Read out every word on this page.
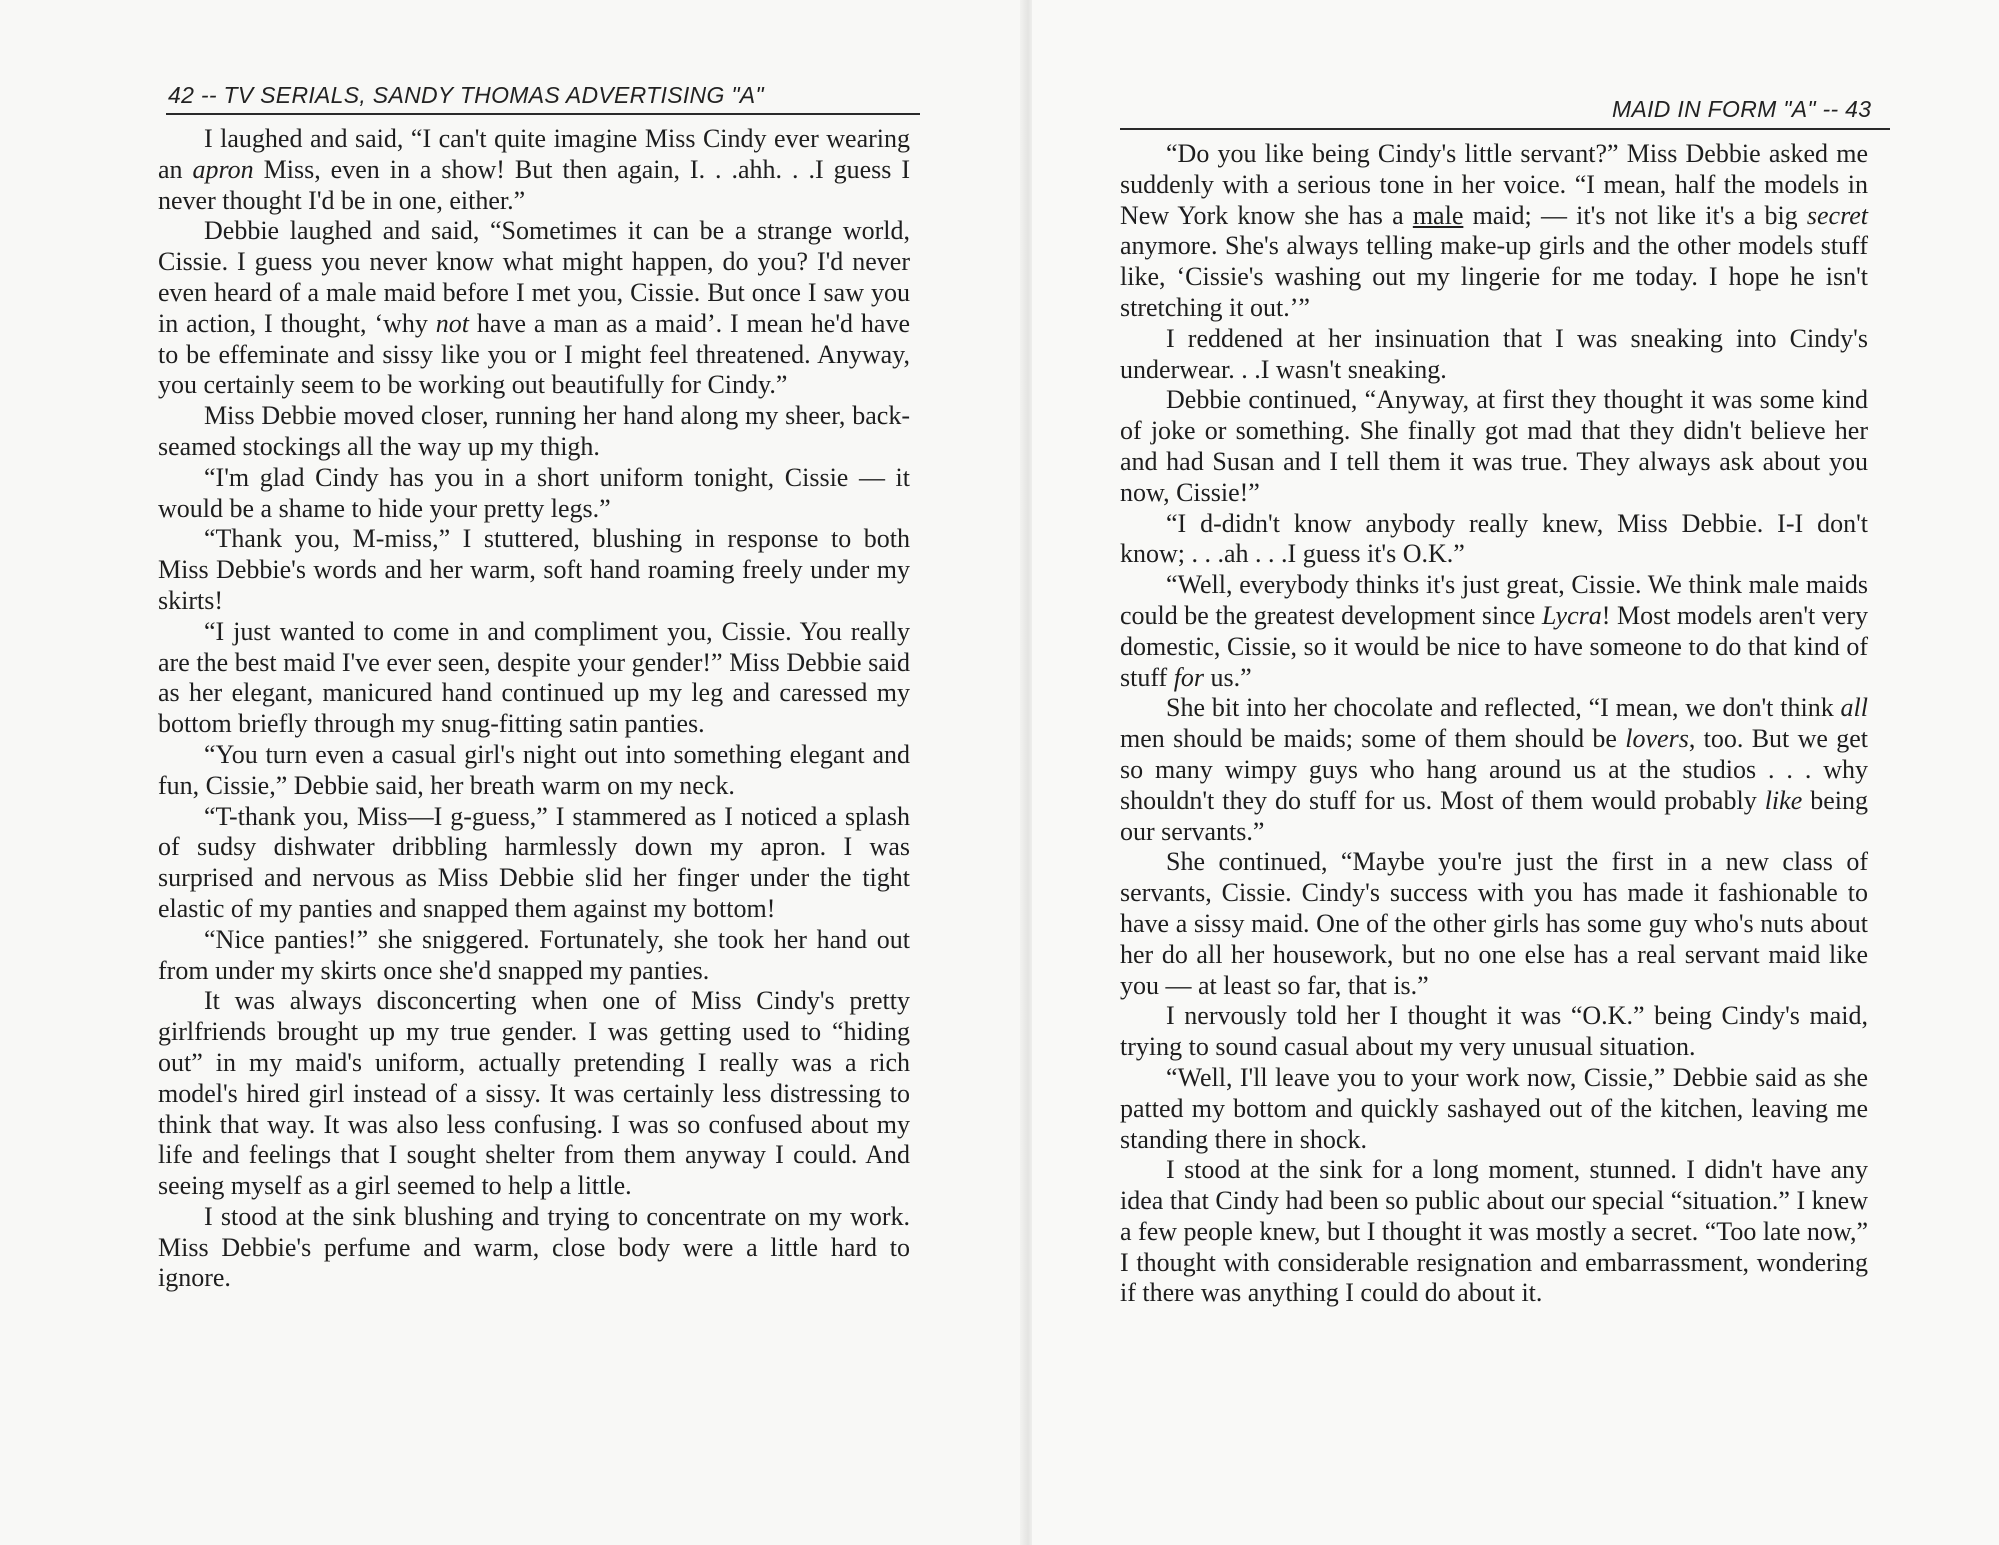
42 -- TV SERIALS, SANDY THOMAS ADVERTISING "A"

I laughed and said, “I can't quite imagine Miss Cindy ever wearing an apron Miss, even in a show! But then again, I. . .ahh. . .I guess I never thought I'd be in one, either.”

Debbie laughed and said, “Sometimes it can be a strange world, Cissie. I guess you never know what might happen, do you? I'd never even heard of a male maid before I met you, Cissie. But once I saw you in action, I thought, ‘why not have a man as a maid’. I mean he'd have to be effeminate and sissy like you or I might feel threatened. Anyway, you certainly seem to be working out beautifully for Cindy.”

Miss Debbie moved closer, running her hand along my sheer, back-seamed stockings all the way up my thigh.

“I'm glad Cindy has you in a short uniform tonight, Cissie — it would be a shame to hide your pretty legs.”

“Thank you, M-miss,” I stuttered, blushing in response to both Miss Debbie's words and her warm, soft hand roaming freely under my skirts!

“I just wanted to come in and compliment you, Cissie. You really are the best maid I've ever seen, despite your gender!” Miss Debbie said as her elegant, manicured hand continued up my leg and caressed my bottom briefly through my snug-fitting satin panties.

“You turn even a casual girl's night out into something elegant and fun, Cissie,” Debbie said, her breath warm on my neck.

“T-thank you, Miss—I g-guess,” I stammered as I noticed a splash of sudsy dishwater dribbling harmlessly down my apron. I was surprised and nervous as Miss Debbie slid her finger under the tight elastic of my panties and snapped them against my bottom!

“Nice panties!” she sniggered. Fortunately, she took her hand out from under my skirts once she'd snapped my panties.

It was always disconcerting when one of Miss Cindy's pretty girlfriends brought up my true gender. I was getting used to “hiding out” in my maid's uniform, actually pretending I really was a rich model's hired girl instead of a sissy. It was certainly less distressing to think that way. It was also less confusing. I was so confused about my life and feelings that I sought shelter from them anyway I could. And seeing myself as a girl seemed to help a little.

I stood at the sink blushing and trying to concentrate on my work. Miss Debbie's perfume and warm, close body were a little hard to ignore.

MAID IN FORM "A" -- 43

“Do you like being Cindy's little servant?” Miss Debbie asked me suddenly with a serious tone in her voice. “I mean, half the models in New York know she has a male maid; — it's not like it's a big secret anymore. She's always telling make-up girls and the other models stuff like, ‘Cissie's washing out my lingerie for me today. I hope he isn't stretching it out.’”

I reddened at her insinuation that I was sneaking into Cindy's underwear. . .I wasn't sneaking.

Debbie continued, “Anyway, at first they thought it was some kind of joke or something. She finally got mad that they didn't believe her and had Susan and I tell them it was true. They always ask about you now, Cissie!”

“I d-didn't know anybody really knew, Miss Debbie. I-I don't know; . . .ah . . .I guess it's O.K.”

“Well, everybody thinks it's just great, Cissie. We think male maids could be the greatest development since Lycra! Most models aren't very domestic, Cissie, so it would be nice to have someone to do that kind of stuff for us.”

She bit into her chocolate and reflected, “I mean, we don't think all men should be maids; some of them should be lovers, too. But we get so many wimpy guys who hang around us at the studios . . . why shouldn't they do stuff for us. Most of them would probably like being our servants.”

She continued, “Maybe you're just the first in a new class of servants, Cissie. Cindy's success with you has made it fashionable to have a sissy maid. One of the other girls has some guy who's nuts about her do all her housework, but no one else has a real servant maid like you — at least so far, that is.”

I nervously told her I thought it was “O.K.” being Cindy's maid, trying to sound casual about my very unusual situation.

“Well, I'll leave you to your work now, Cissie,” Debbie said as she patted my bottom and quickly sashayed out of the kitchen, leaving me standing there in shock.

I stood at the sink for a long moment, stunned. I didn't have any idea that Cindy had been so public about our special “situation.” I knew a few people knew, but I thought it was mostly a secret. “Too late now,” I thought with considerable resignation and embarrassment, wondering if there was anything I could do about it.
